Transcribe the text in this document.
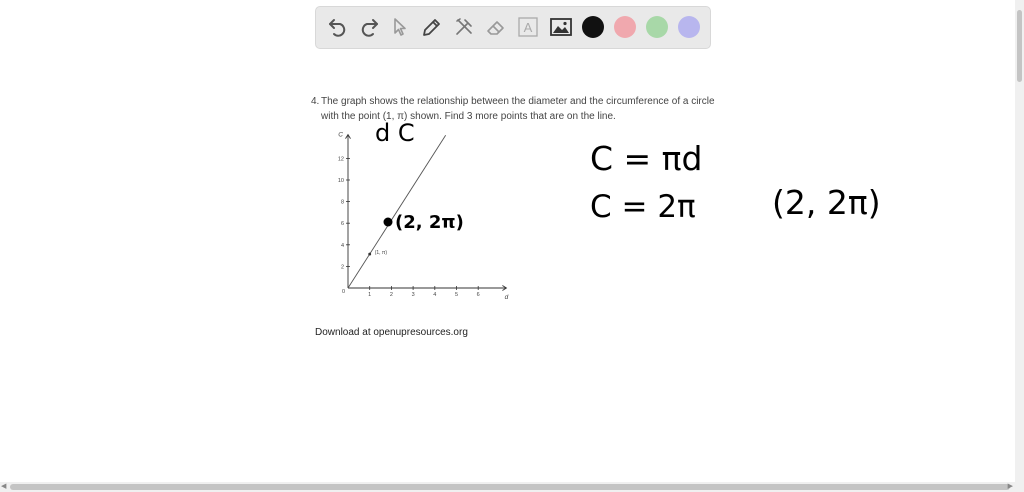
A
4. The graph shows the relationship between the diameter and the circumference of a circle
with the point (1, π) shown. Find 3 more points that are on the line.
1	2	3	4	5	6
2
4
6
8
10
12
0
d
C
(1, π)
d C
(2, 2π)
C = πd
C = 2π (2, 2π)
Download at openupresources.org
◀	▶
